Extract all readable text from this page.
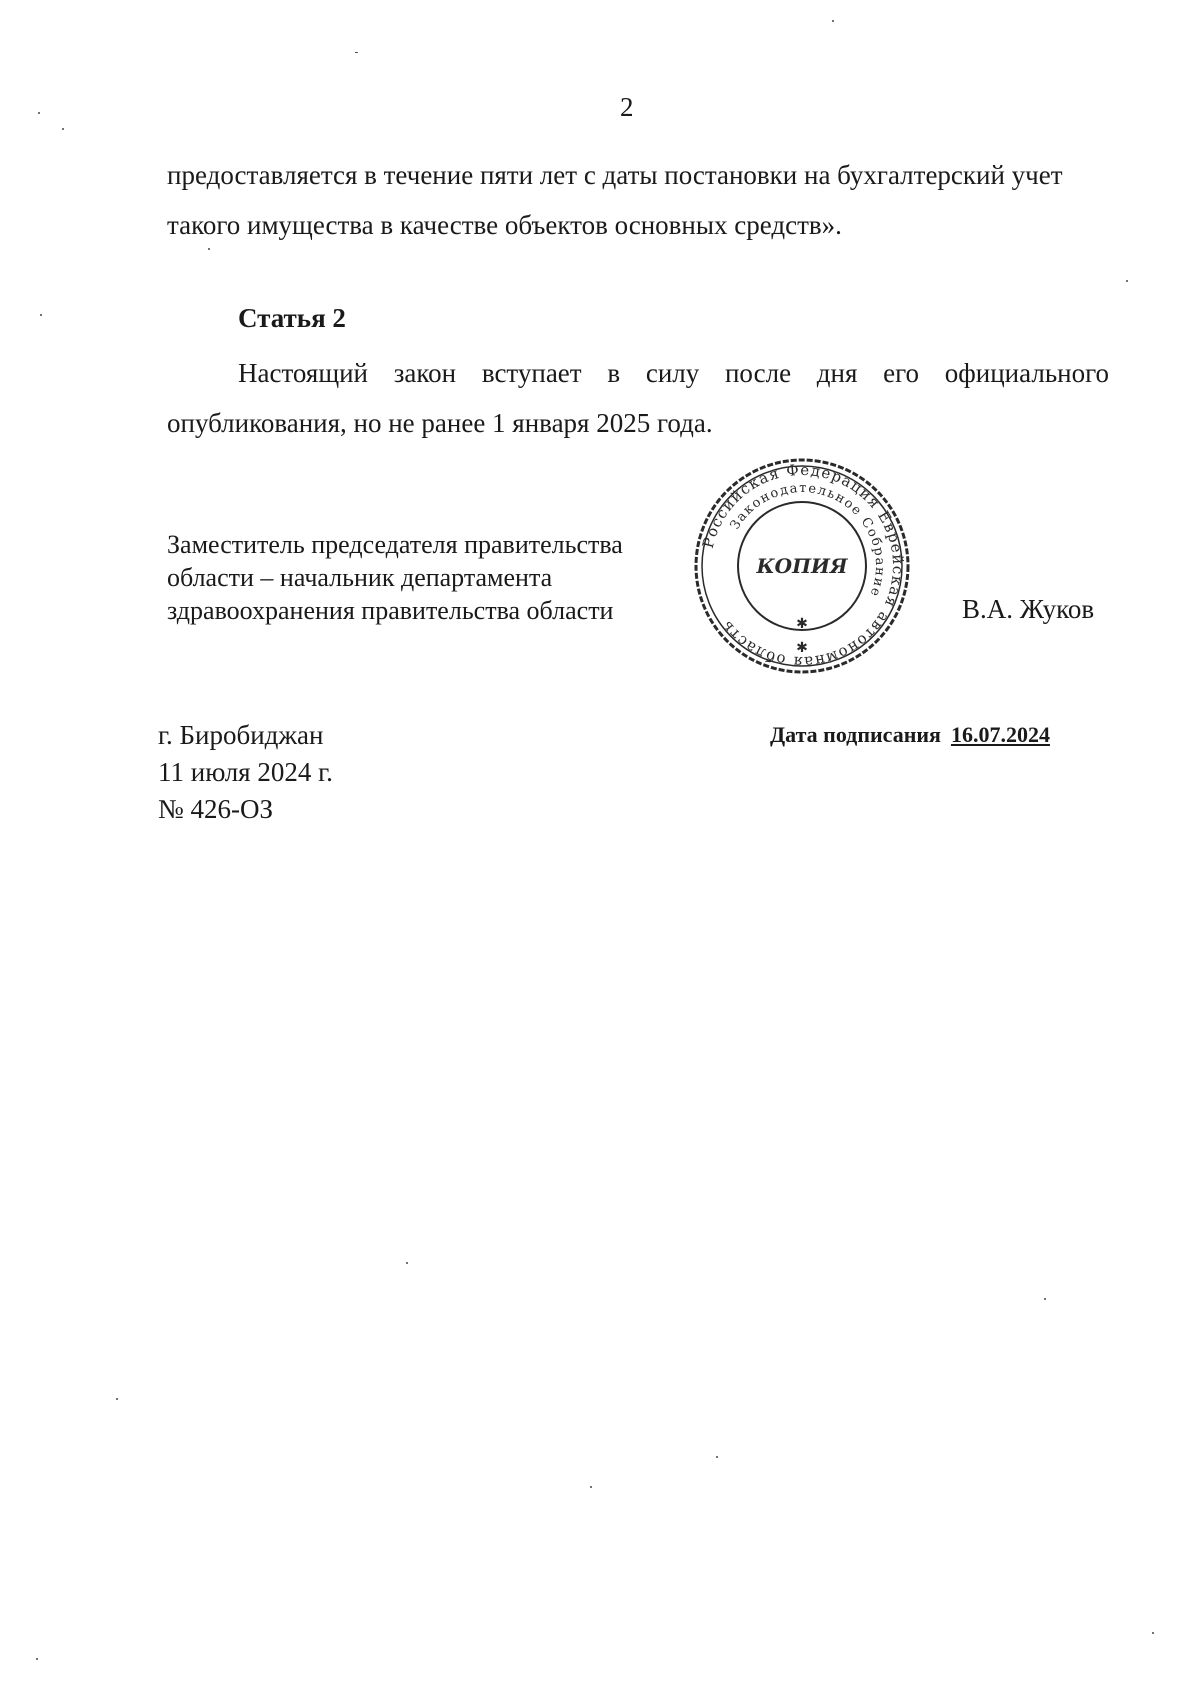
2
предоставляется в течение пяти лет с даты постановки на бухгалтерский учет
такого имущества в качестве объектов основных средств».
Статья 2
Настоящий закон вступает в силу после дня его официального
опубликования, но не ранее 1 января 2025 года.
Заместитель председателя правительства
области – начальник департамента
здравоохранения правительства области
Российская Федерация Еврейская автономная область
Законодательное Собрание
КОПИЯ
✱
✱
В.А. Жуков
г. Биробиджан
11 июля 2024 г.
№ 426-ОЗ
Дата подписания 16.07.2024
